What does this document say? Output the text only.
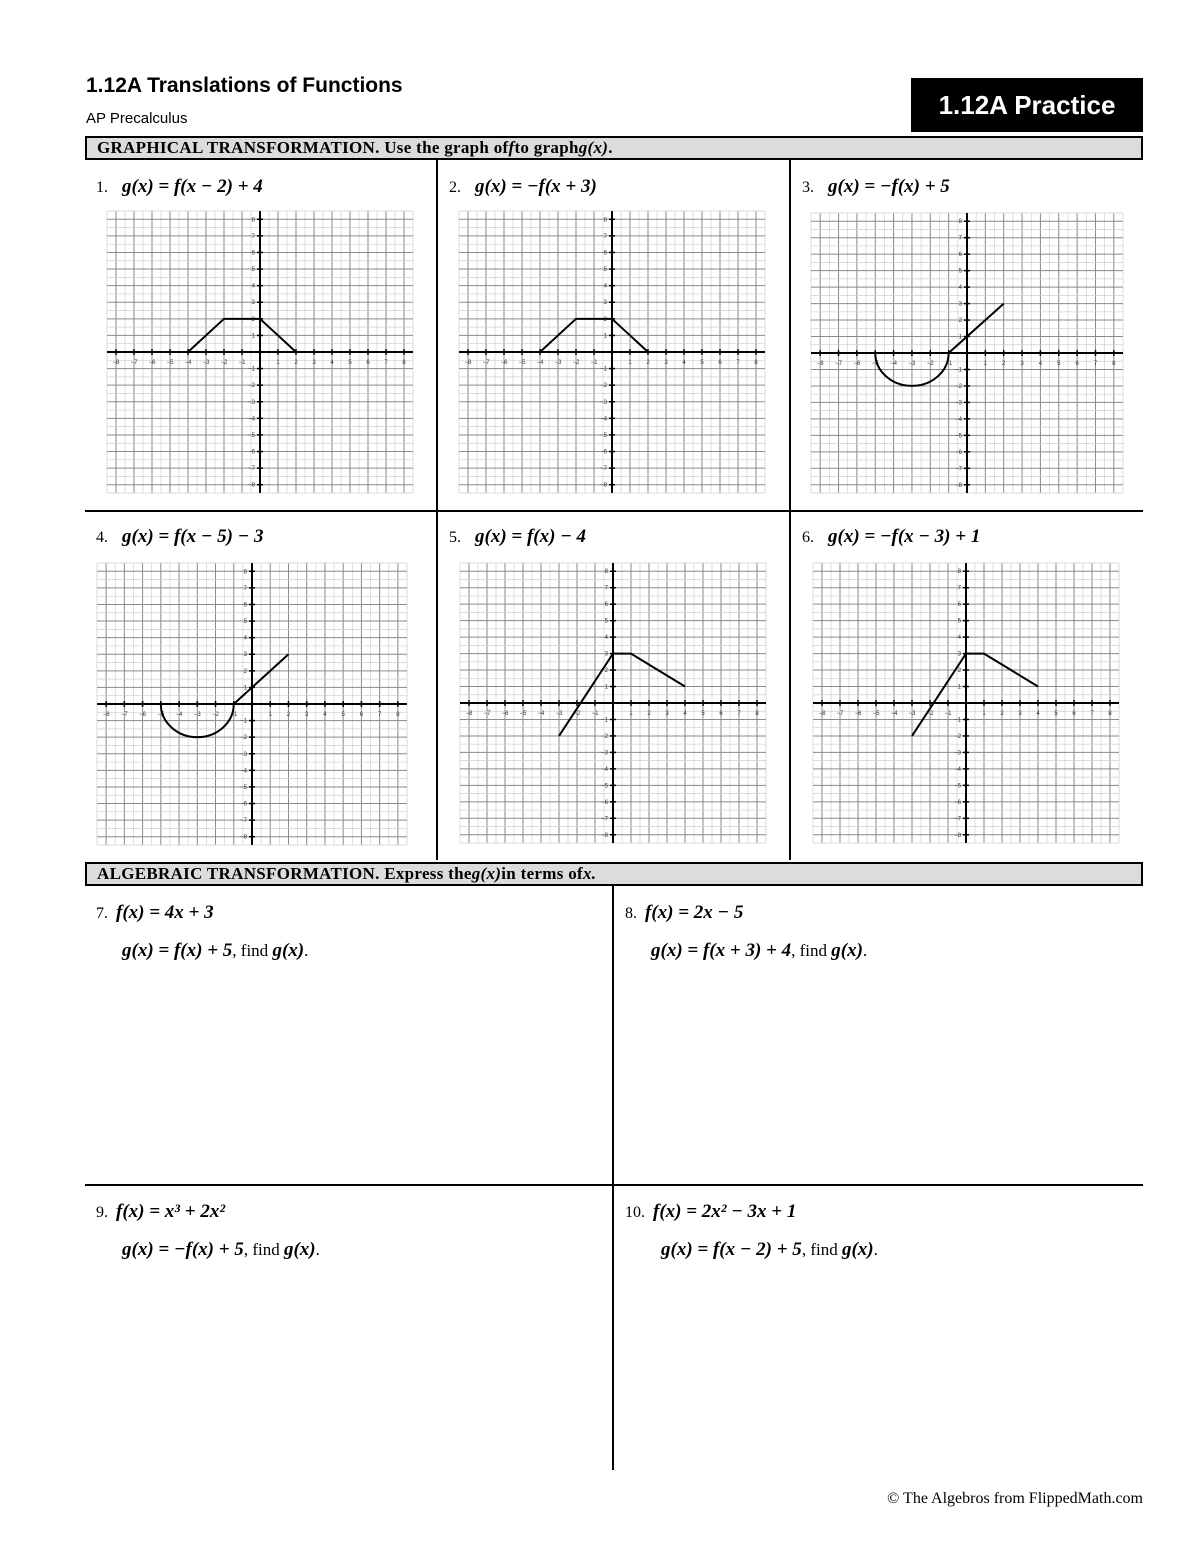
1.12A Translations of Functions
AP Precalculus	1.12A Practice
GRAPHICAL TRANSFORMATION. Use the graph of f to graph g(x) .
1. g(x) = f(x − 2) + 4	2. g(x) = −f(x + 3)	3. g(x) = −f(x) + 5
4. g(x) = f(x − 5) − 3	5. g(x) = f(x) − 4	6. g(x) = −f(x − 3) + 1
−8 −7 −6 −5 −4 −3 −2 −1	1 2 3 4 5 6 7 8
−8
−7
−6
−5
−4
−3
−2
−1
1
2
3
4
5
6
7
8
−8 −7 −6 −5 −4 −3 −2 −1	1 2 3 4 5 6 7 8
−8
−7
−6
−5
−4
−3
−2
−1
1
2
3
4
5
6
7
8
−8 −7 −6 −5 −4 −3 −2 −1	1	2	3	4	5	6	7	8
−8
−7
−6
−5
−4
−3
−2
−1
1
2
3
4
5
6
7
8
−8 −7 −6 −5 −4 −3 −2 −1	1 2 3 4 5 6 7 8
−8
−7
−6
−5
−4
−3
−2
−1
1
2
3
4
5
6
7
8
−8 −7 −6 −5 −4 −3 −2 −1	1 2 3 4 5 6 7 8
−8
−7
−6
−5
−4
−3
−2
−1
1
2
3
4
5
6
7
8
−8 −7 −6 −5 −4 −3 −2 −1	1 2 3 4 5 6 7 8
−8
−7
−6
−5
−4
−3
−2
−1
1
2
3
4
5
6
7
8
ALGEBRAIC TRANSFORMATION. Express the g(x) in terms of x.
7. f(x) = 4x + 3
g(x) = f(x) + 5, find g(x).
8. f(x) = 2x − 5
g(x) = f(x + 3) + 4, find g(x).
9. f(x) = x³ + 2x²
g(x) = −f(x) + 5, find g(x).
10. f(x) = 2x² − 3x + 1
g(x) = f(x − 2) + 5, find g(x).
© The Algebros from FlippedMath.com
